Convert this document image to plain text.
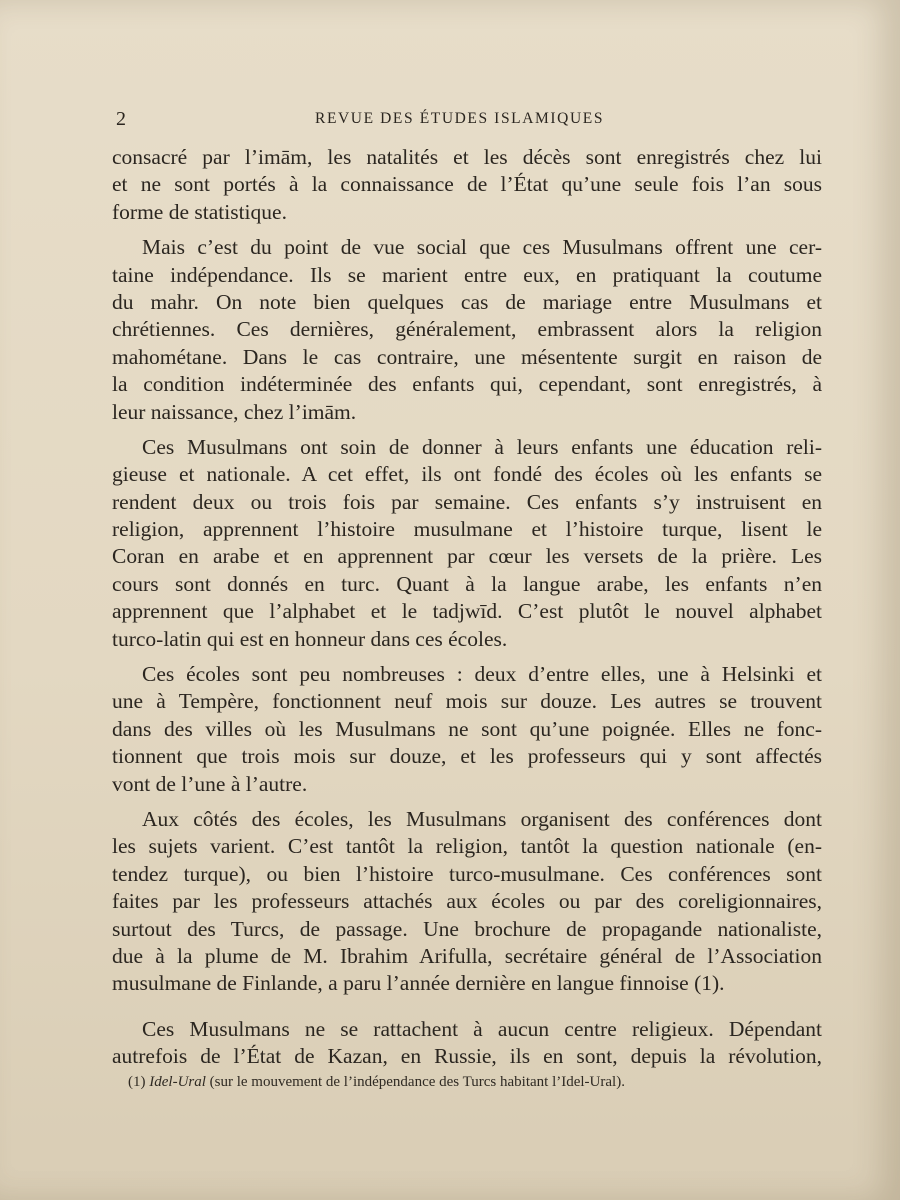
2	REVUE DES ÉTUDES ISLAMIQUES
consacré par l’imām, les natalités et les décès sont enregistrés chez lui
et ne sont portés à la connaissance de l’État qu’une seule fois l’an sous
forme de statistique.
Mais c’est du point de vue social que ces Musulmans offrent une cer-
taine indépendance. Ils se marient entre eux, en pratiquant la coutume
du mahr. On note bien quelques cas de mariage entre Musulmans et
chrétiennes. Ces dernières, généralement, embrassent alors la religion
mahométane. Dans le cas contraire, une mésentente surgit en raison de
la condition indéterminée des enfants qui, cependant, sont enregistrés, à
leur naissance, chez l’imām.
Ces Musulmans ont soin de donner à leurs enfants une éducation reli-
gieuse et nationale. A cet effet, ils ont fondé des écoles où les enfants se
rendent deux ou trois fois par semaine. Ces enfants s’y instruisent en
religion, apprennent l’histoire musulmane et l’histoire turque, lisent le
Coran en arabe et en apprennent par cœur les versets de la prière. Les
cours sont donnés en turc. Quant à la langue arabe, les enfants n’en
apprennent que l’alphabet et le tadjwīd. C’est plutôt le nouvel alphabet
turco-latin qui est en honneur dans ces écoles.
Ces écoles sont peu nombreuses : deux d’entre elles, une à Helsinki et
une à Tempère, fonctionnent neuf mois sur douze. Les autres se trouvent
dans des villes où les Musulmans ne sont qu’une poignée. Elles ne fonc-
tionnent que trois mois sur douze, et les professeurs qui y sont affectés
vont de l’une à l’autre.
Aux côtés des écoles, les Musulmans organisent des conférences dont
les sujets varient. C’est tantôt la religion, tantôt la question nationale (en-
tendez turque), ou bien l’histoire turco-musulmane. Ces conférences sont
faites par les professeurs attachés aux écoles ou par des coreligionnaires,
surtout des Turcs, de passage. Une brochure de propagande nationaliste,
due à la plume de M. Ibrahim Arifulla, secrétaire général de l’Association
musulmane de Finlande, a paru l’année dernière en langue finnoise (1).
Ces Musulmans ne se rattachent à aucun centre religieux. Dépendant
autrefois de l’État de Kazan, en Russie, ils en sont, depuis la révolution,
(1) Idel-Ural (sur le mouvement de l’indépendance des Turcs habitant l’Idel-Ural).
